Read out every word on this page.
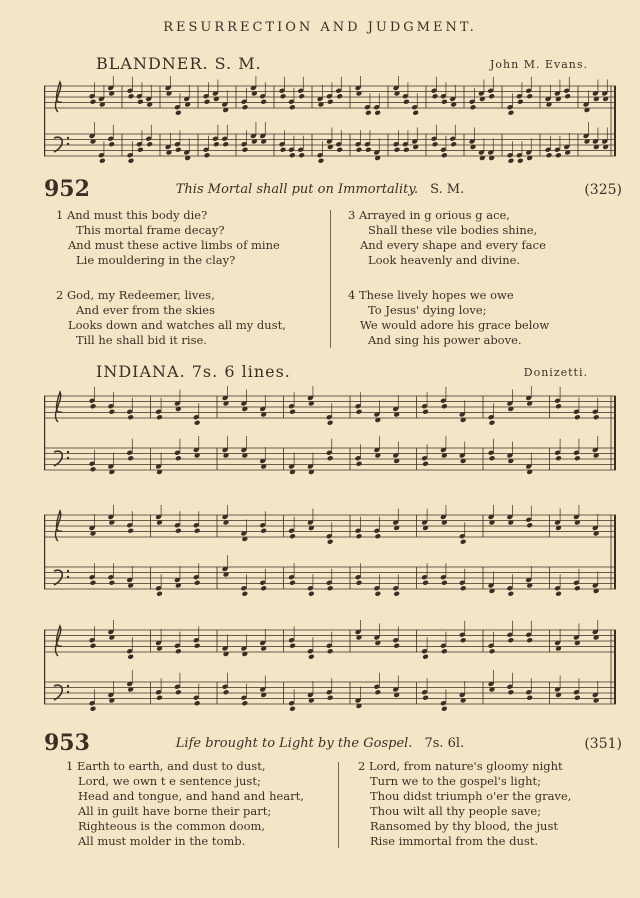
RESURRECTION AND JUDGMENT.
BLANDNER. S. M.	John M. Evans.
952	This Mortal shall put on Immortality. S. M.	(325)
1 And must this body die?
This mortal frame decay?
And must these active limbs of mine
Lie mouldering in the clay?
3 Arrayed in g orious g ace,
Shall these vile bodies shine,
And every shape and every face
Look heavenly and divine.
2 God, my Redeemer, lives,
And ever from the skies
Looks down and watches all my dust,
Till he shall bid it rise.
4 These lively hopes we owe
To Jesus' dying love;
We would adore his grace below
And sing his power above.
INDIANA. 7s. 6 lines.	Donizetti.
953	Life brought to Light by the Gospel. 7s. 6l.	(351)
1 Earth to earth, and dust to dust,
Lord, we own t e sentence just;
Head and tongue, and hand and heart,
All in guilt have borne their part;
Righteous is the common doom,
All must molder in the tomb.
2 Lord, from nature's gloomy night
Turn we to the gospel's light;
Thou didst triumph o'er the grave,
Thou wilt all thy people save;
Ransomed by thy blood, the just
Rise immortal from the dust.
